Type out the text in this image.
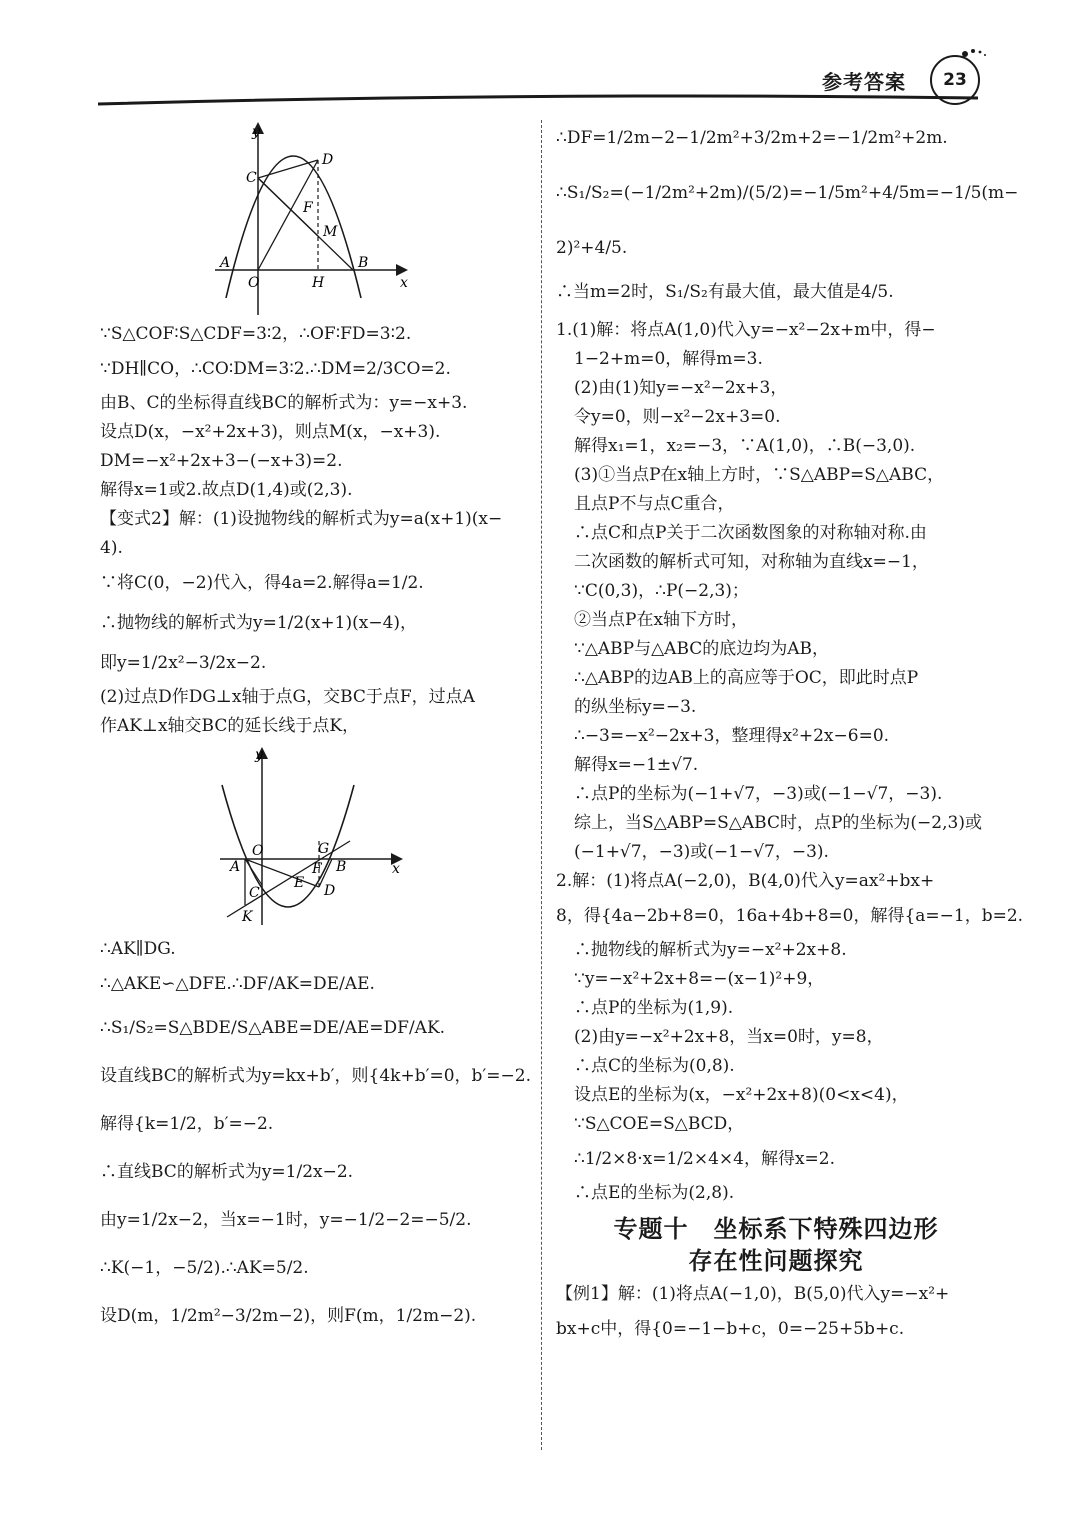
参考答案	23
y
D
C
F
M
A
O	H
B
x

∵S△COF∶S△CDF=3∶2，∴OF∶FD=3∶2.

∵DH∥CO，∴CO∶DM=3∶2.∴DM=2/3CO=2.

由B、C的坐标得直线BC的解析式为：y=−x+3.

设点D(x，−x²+2x+3)，则点M(x，−x+3).

DM=−x²+2x+3−(−x+3)=2.

解得x=1或2.故点D(1,4)或(2,3).

【变式2】解：(1)设抛物线的解析式为y=a(x+1)(x−

4).

∵将C(0，−2)代入，得4a=2.解得a=1/2.

∴抛物线的解析式为y=1/2(x+1)(x−4)，

即y=1/2x²−3/2x−2.

(2)过点D作DG⊥x轴于点G，交BC于点F，过点A

作AK⊥x轴交BC的延长线于点K，

y
O	G
A	F B	x
E
C	D
K

∴AK∥DG.

∴△AKE∽△DFE.∴DF/AK=DE/AE.

∴S₁/S₂=S△BDE/S△ABE=DE/AE=DF/AK.

设直线BC的解析式为y=kx+b′，则{4k+b′=0，b′=−2.

解得{k=1/2，b′=−2.

∴直线BC的解析式为y=1/2x−2.

由y=1/2x−2，当x=−1时，y=−1/2−2=−5/2.

∴K(−1，−5/2).∴AK=5/2.

设D(m，1/2m²−3/2m−2)，则F(m，1/2m−2).

∴DF=1/2m−2−1/2m²+3/2m+2=−1/2m²+2m.

∴S₁/S₂=(−1/2m²+2m)/(5/2)=−1/5m²+4/5m=−1/5(m−

2)²+4/5.

∴当m=2时，S₁/S₂有最大值，最大值是4/5.

1.(1)解：将点A(1,0)代入y=−x²−2x+m中，得−

1−2+m=0，解得m=3.

(2)由(1)知y=−x²−2x+3，

令y=0，则−x²−2x+3=0.

解得x₁=1，x₂=−3，∵A(1,0)，∴B(−3,0).

(3)①当点P在x轴上方时，∵S△ABP=S△ABC，

且点P不与点C重合，

∴点C和点P关于二次函数图象的对称轴对称.由

二次函数的解析式可知，对称轴为直线x=−1，

∵C(0,3)，∴P(−2,3)；

②当点P在x轴下方时，

∵△ABP与△ABC的底边均为AB，

∴△ABP的边AB上的高应等于OC，即此时点P

的纵坐标y=−3.

∴−3=−x²−2x+3，整理得x²+2x−6=0.

解得x=−1±√7.

∴点P的坐标为(−1+√7，−3)或(−1−√7，−3).

综上，当S△ABP=S△ABC时，点P的坐标为(−2,3)或

(−1+√7，−3)或(−1−√7，−3).

2.解：(1)将点A(−2,0)，B(4,0)代入y=ax²+bx+

8，得{4a−2b+8=0，16a+4b+8=0，解得{a=−1，b=2.

∴抛物线的解析式为y=−x²+2x+8.

∵y=−x²+2x+8=−(x−1)²+9，

∴点P的坐标为(1,9).

(2)由y=−x²+2x+8，当x=0时，y=8，

∴点C的坐标为(0,8).

设点E的坐标为(x，−x²+2x+8)(0<x<4)，

∵S△COE=S△BCD，

∴1/2×8·x=1/2×4×4，解得x=2.

∴点E的坐标为(2,8).

专题十　坐标系下特殊四边形
存在性问题探究

【例1】解：(1)将点A(−1,0)，B(5,0)代入y=−x²+

bx+c中，得{0=−1−b+c，0=−25+5b+c.
